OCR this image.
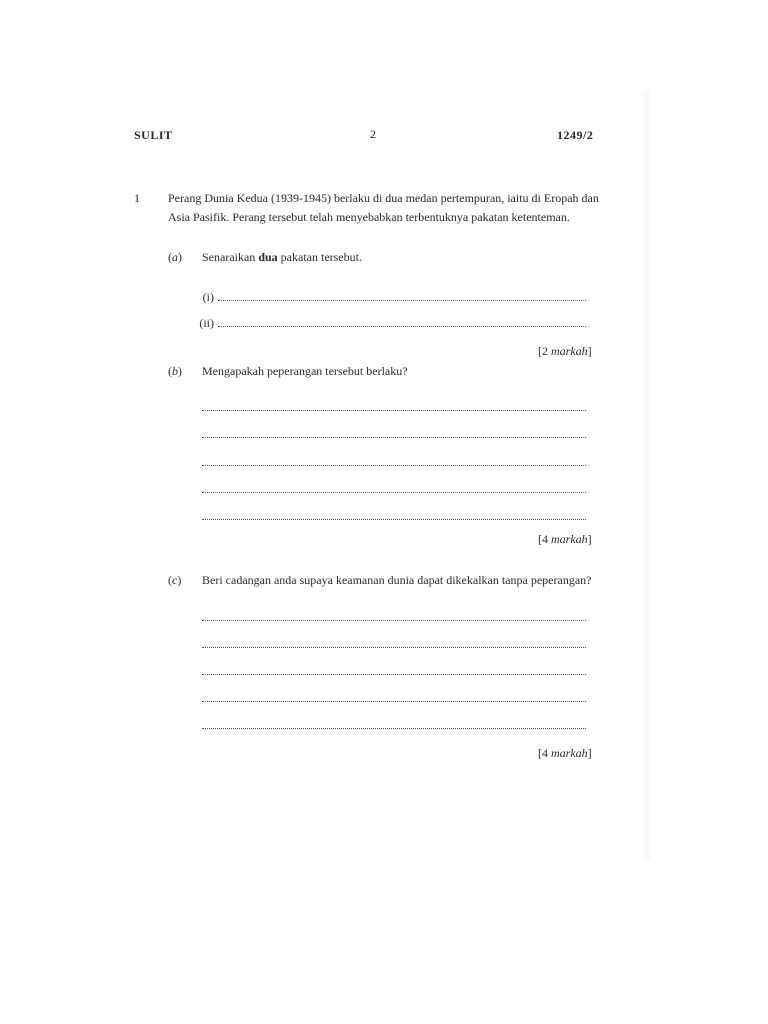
SULIT	2	1249/2
1 Perang Dunia Kedua (1939-1945) berlaku di dua medan pertempuran, iaitu di Eropah dan
Asia Pasifik. Perang tersebut telah menyebabkan terbentuknya pakatan ketenteman.
(a) Senaraikan dua pakatan tersebut.
(i)
(ii)
[2 markah]
(b) Mengapakah peperangan tersebut berlaku?
[4 markah]
(c) Beri cadangan anda supaya keamanan dunia dapat dikekalkan tanpa peperangan?
[4 markah]
